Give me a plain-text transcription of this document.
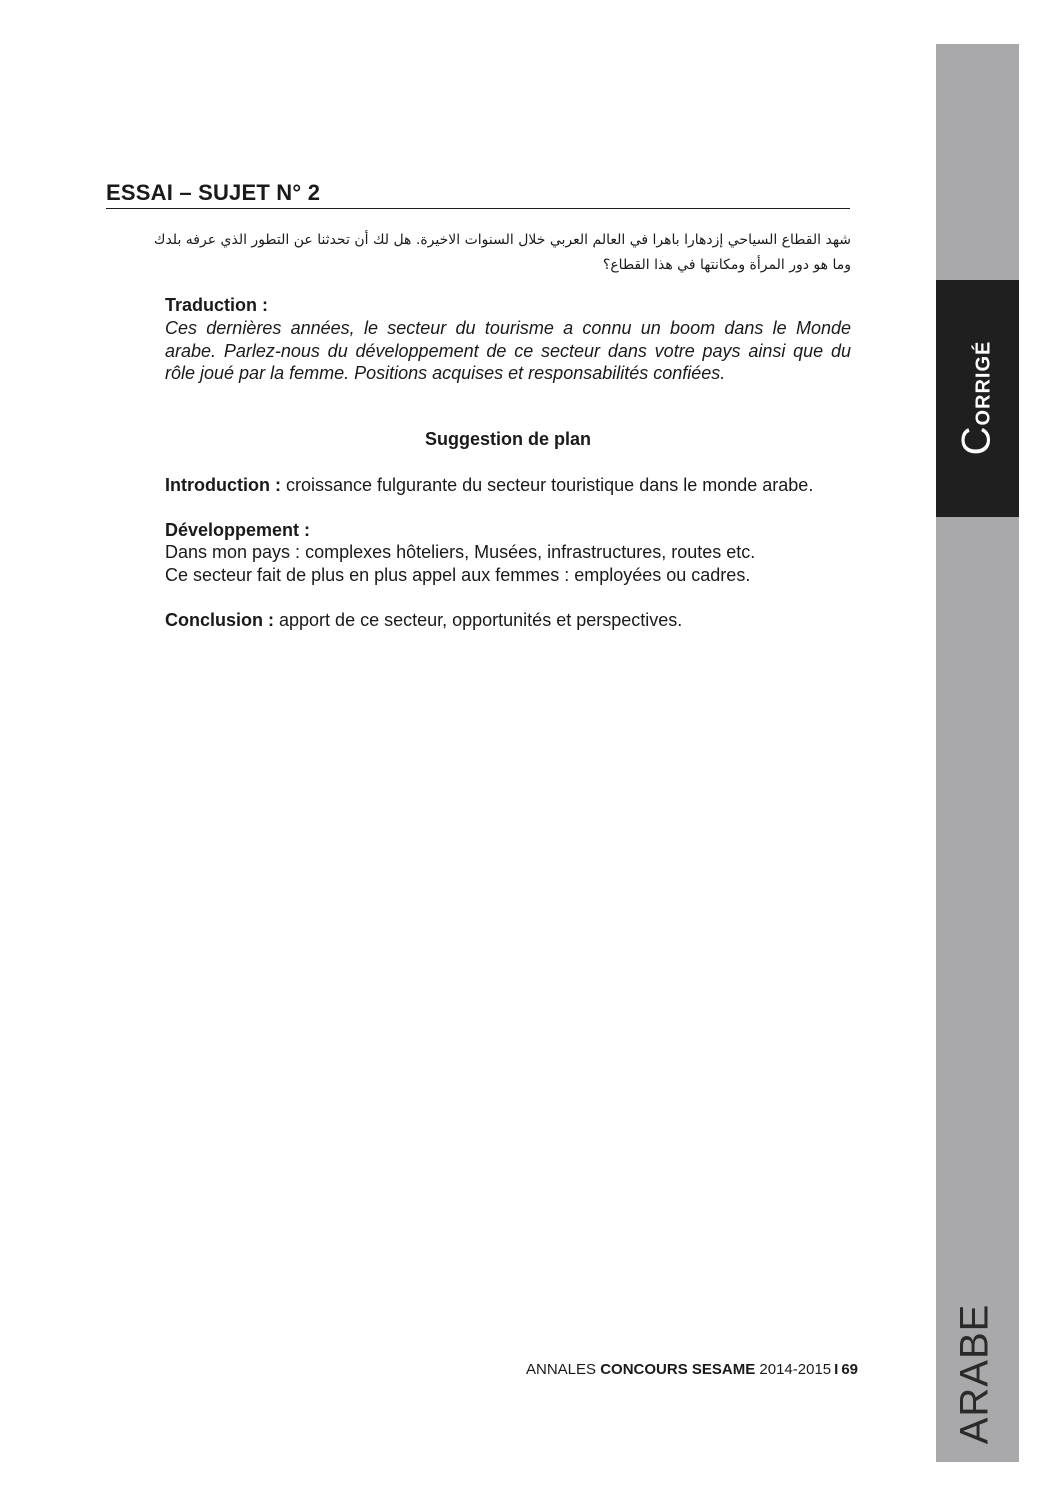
Corrigé
ARABE
ESSAI – SUJET N° 2
شهد القطاع السياحي إزدهارا باهرا في العالم العربي خلال السنوات الاخيرة. هل لك أن تحدثنا عن التطور الذي عرفه بلدك وما هو دور المرأة ومكانتها في هذا القطاع؟
Traduction :
Ces dernières années, le secteur du tourisme a connu un boom dans le Monde arabe. Parlez-nous du développement de ce secteur dans votre pays ainsi que du rôle joué par la femme. Positions acquises et responsabilités confiées.
Suggestion de plan
Introduction : croissance fulgurante du secteur touristique dans le monde arabe.
Développement :
Dans mon pays : complexes hôteliers, Musées, infrastructures, routes etc.
Ce secteur fait de plus en plus appel aux femmes : employées ou cadres.
Conclusion : apport de ce secteur, opportunités et perspectives.
ANNALES CONCOURS SESAME 2014-2015 I 69
